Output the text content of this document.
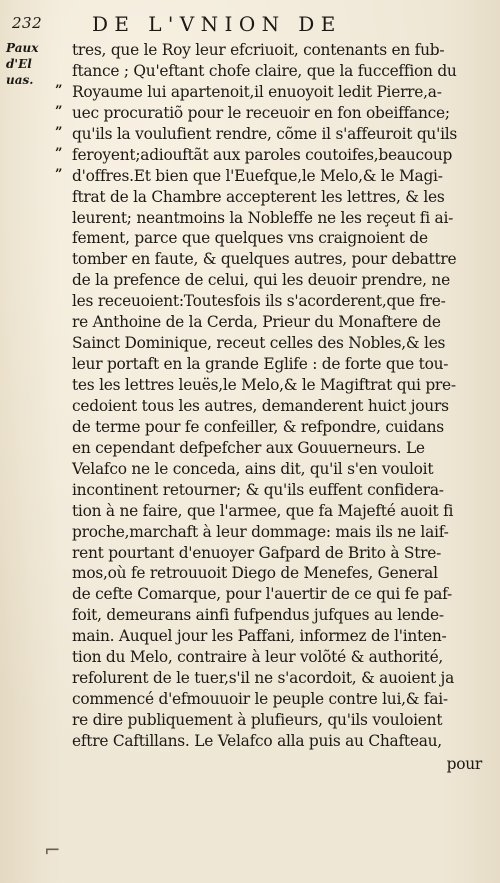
232 DE L'VNION DE
Paux d'El
uas.
”
”
”
”
”
tres, que le Roy leur efcriuoit, contenants en fub-
ftance ; Qu'eftant chofe claire, que la fucceffion du
Royaume lui apartenoit,il enuoyoit ledit Pierre,a-
uec procuratiõ pour le receuoir en fon obeiffance;
qu'ils la voulufient rendre, cõme il s'affeuroit qu'ils
feroyent;adiouftãt aux paroles coutoifes,beaucoup
d'offres.Et bien que l'Euefque,le Melo,& le Magi-
ftrat de la Chambre accepterent les lettres, & les
leurent; neantmoins la Nobleffe ne les reçeut fi ai-
fement, parce que quelques vns craignoient de
tomber en faute, & quelques autres, pour debattre
de la prefence de celui, qui les deuoir prendre, ne
les receuoient:Toutesfois ils s'acorderent,que fre-
re Anthoine de la Cerda, Prieur du Monaftere de
Sainct Dominique, receut celles des Nobles,& les
leur portaft en la grande Eglife : de forte que tou-
tes les lettres leuës,le Melo,& le Magiftrat qui pre-
cedoient tous les autres, demanderent huict jours
de terme pour fe confeiller, & refpondre, cuidans
en cependant defpefcher aux Gouuerneurs. Le
Velafco ne le conceda, ains dit, qu'il s'en vouloit
incontinent retourner; & qu'ils euffent confidera-
tion à ne faire, que l'armee, que fa Majefté auoit fi
proche,marchaft à leur dommage: mais ils ne laif-
rent pourtant d'enuoyer Gafpard de Brito à Stre-
mos,où fe retrouuoit Diego de Menefes, General
de cefte Comarque, pour l'auertir de ce qui fe paf-
foit, demeurans ainfi fufpendus jufques au lende-
main. Auquel jour les Paffani, informez de l'inten-
tion du Melo, contraire à leur volõté & authorité,
refolurent de le tuer,s'il ne s'acordoit, & auoient ja
commencé d'efmouuoir le peuple contre lui,& fai-
re dire publiquement à plufieurs, qu'ils vouloient
eftre Caftillans. Le Velafco alla puis au Chafteau,
pour
⌐
